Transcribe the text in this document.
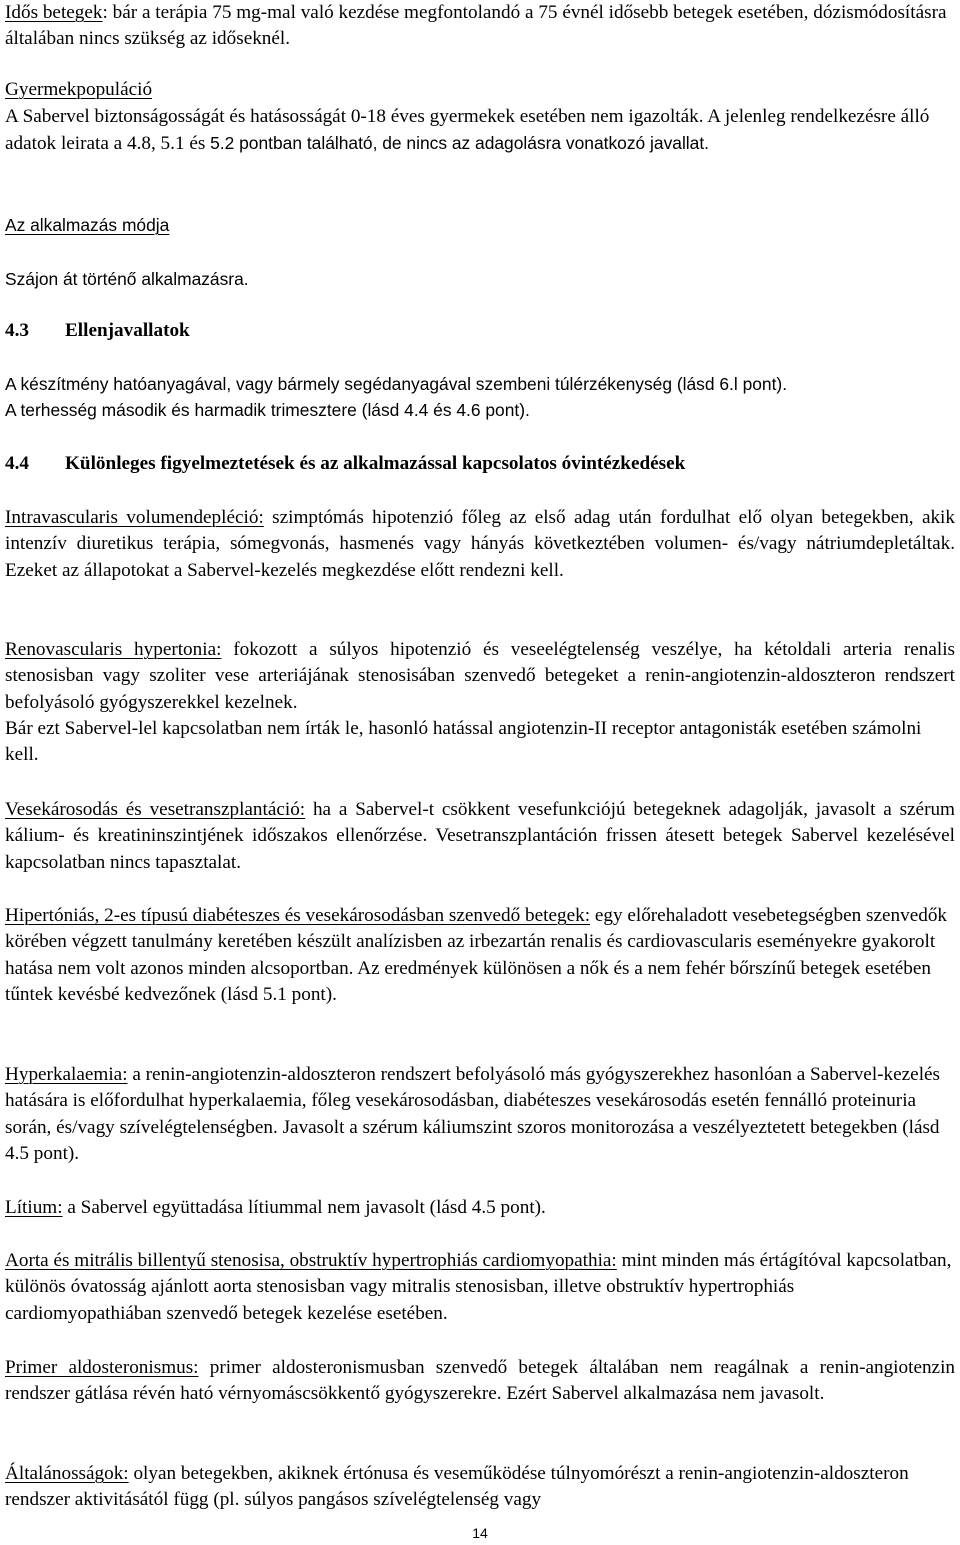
Idős betegek: bár a terápia 75 mg-mal való kezdése megfontolandó a 75 évnél idősebb betegek esetében, dózismódosításra általában nincs szükség az időseknél.

Gyermekpopuláció

A Sabervel biztonságosságát és hatásosságát 0-18 éves gyermekek esetében nem igazolták. A jelenleg rendelkezésre álló adatok leirata a 4.8, 5.1 és 5.2 pontban található, de nincs az adagolásra vonatkozó javallat.

Az alkalmazás módja

Szájon át történő alkalmazásra.

4.3 Ellenjavallatok

A készítmény hatóanyagával, vagy bármely segédanyagával szembeni túlérzékenység (lásd 6.l pont).

A terhesség második és harmadik trimesztere (lásd 4.4 és 4.6 pont).

4.4 Különleges figyelmeztetések és az alkalmazással kapcsolatos óvintézkedések

Intravascularis volumendepléció: szimptómás hipotenzió főleg az első adag után fordulhat elő olyan betegekben, akik intenzív diuretikus terápia, sómegvonás, hasmenés vagy hányás következtében volumen- és/vagy nátriumdepletáltak. Ezeket az állapotokat a Sabervel-kezelés megkezdése előtt rendezni kell.

Renovascularis hypertonia: fokozott a súlyos hipotenzió és veseelégtelenség veszélye, ha kétoldali arteria renalis stenosisban vagy szoliter vese arteriájának stenosisában szenvedő betegeket a renin-angiotenzin-aldoszteron rendszert befolyásoló gyógyszerekkel kezelnek.

Bár ezt Sabervel-lel kapcsolatban nem írták le, hasonló hatással angiotenzin-II receptor antagonisták esetében számolni kell.

Vesekárosodás és vesetranszplantáció: ha a Sabervel-t csökkent vesefunkciójú betegeknek adagolják, javasolt a szérum kálium- és kreatininszintjének időszakos ellenőrzése. Vesetranszplantáción frissen átesett betegek Sabervel kezelésével kapcsolatban nincs tapasztalat.

Hipertóniás, 2-es típusú diabéteszes és vesekárosodásban szenvedő betegek: egy előrehaladott vesebetegségben szenvedők körében végzett tanulmány keretében készült analízisben az irbezartán renalis és cardiovascularis eseményekre gyakorolt hatása nem volt azonos minden alcsoportban. Az eredmények különösen a nők és a nem fehér bőrszínű betegek esetében tűntek kevésbé kedvezőnek (lásd 5.1 pont).

Hyperkalaemia: a renin-angiotenzin-aldoszteron rendszert befolyásoló más gyógyszerekhez hasonlóan a Sabervel-kezelés hatására is előfordulhat hyperkalaemia, főleg vesekárosodásban, diabéteszes vesekárosodás esetén fennálló proteinuria során, és/vagy szívelégtelenségben. Javasolt a szérum káliumszint szoros monitorozása a veszélyeztetett betegekben (lásd 4.5 pont).

Lítium: a Sabervel együttadása lítiummal nem javasolt (lásd 4.5 pont).

Aorta és mitrális billentyű stenosisa, obstruktív hypertrophiás cardiomyopathia: mint minden más értágítóval kapcsolatban, különös óvatosság ajánlott aorta stenosisban vagy mitralis stenosisban, illetve obstruktív hypertrophiás cardiomyopathiában szenvedő betegek kezelése esetében.

Primer aldosteronismus: primer aldosteronismusban szenvedő betegek általában nem reagálnak a renin-angiotenzin rendszer gátlása révén ható vérnyomáscsökkentő gyógyszerekre. Ezért Sabervel alkalmazása nem javasolt.

Általánosságok: olyan betegekben, akiknek értónusa és veseműködése túlnyomórészt a renin-angiotenzin-aldoszteron rendszer aktivitásától függ (pl. súlyos pangásos szívelégtelenség vagy

14
